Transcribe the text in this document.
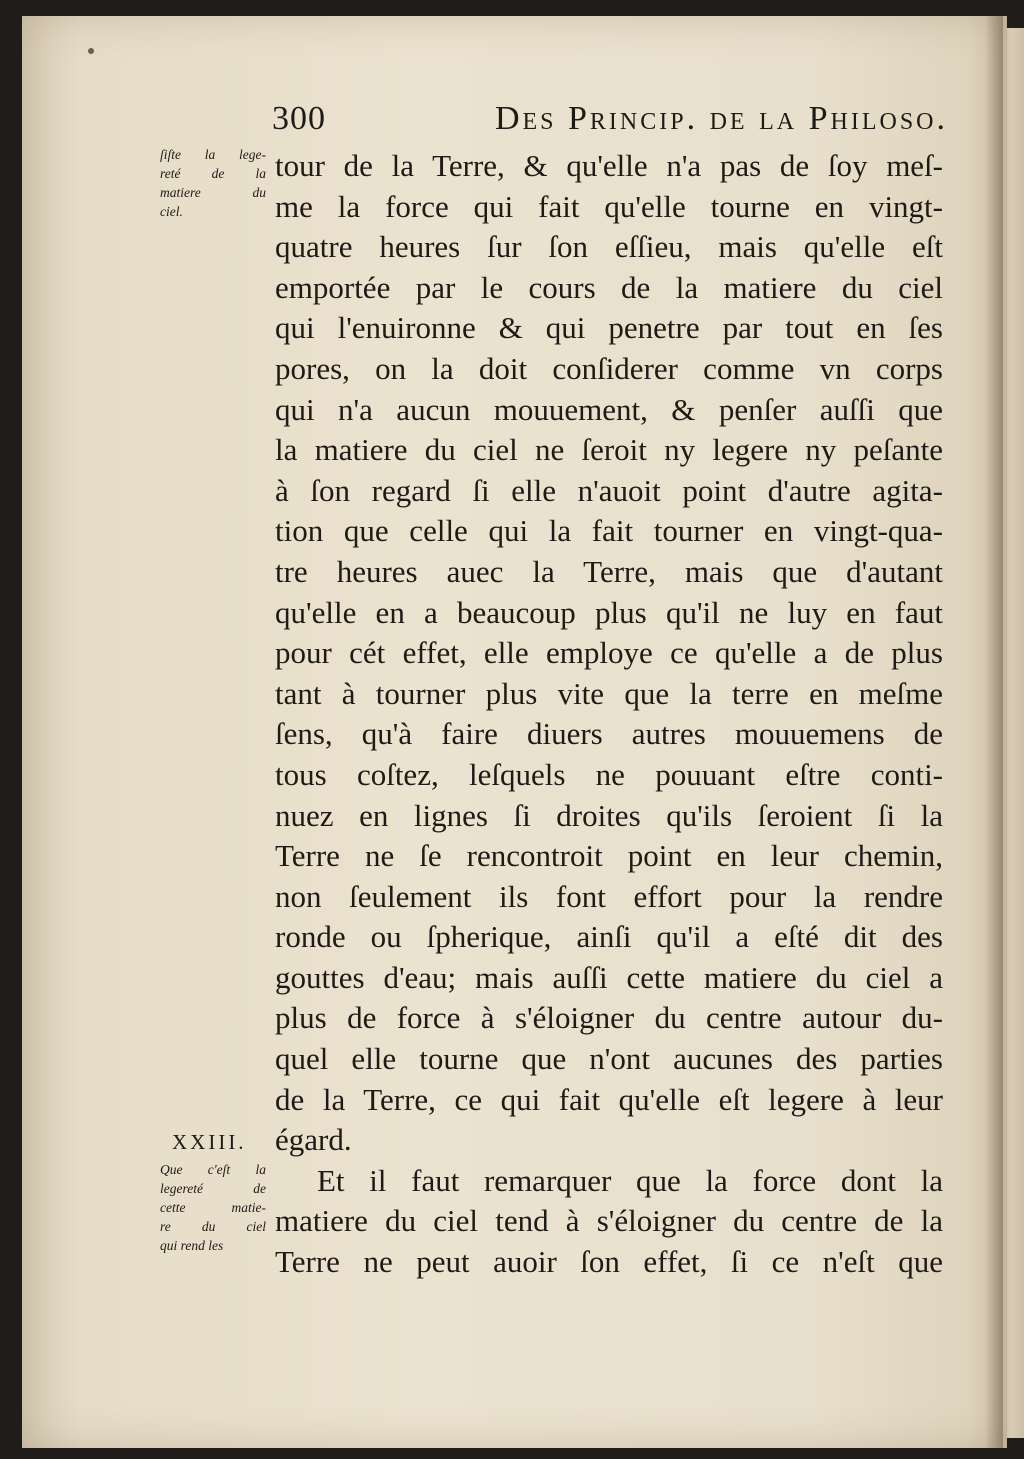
300	Des Princip. de la Philoso.
ſiſte la lege-
reté de la
matiere du
ciel.
XXIII.
Que c'eſt la
legereté de
cette matie-
re du ciel
qui rend les
tour de la Terre, & qu'elle n'a pas de ſoy meſ-
me la force qui fait qu'elle tourne en vingt-
quatre heures ſur ſon eſſieu, mais qu'elle eſt
emportée par le cours de la matiere du ciel
qui l'enuironne & qui penetre par tout en ſes
pores, on la doit conſiderer comme vn corps
qui n'a aucun mouuement, & penſer auſſi que
la matiere du ciel ne ſeroit ny legere ny peſante
à ſon regard ſi elle n'auoit point d'autre agita-
tion que celle qui la fait tourner en vingt-qua-
tre heures auec la Terre, mais que d'autant
qu'elle en a beaucoup plus qu'il ne luy en faut
pour cét effet, elle employe ce qu'elle a de plus
tant à tourner plus vite que la terre en meſme
ſens, qu'à faire diuers autres mouuemens de
tous coſtez, leſquels ne pouuant eſtre conti-
nuez en lignes ſi droites qu'ils ſeroient ſi la
Terre ne ſe rencontroit point en leur chemin,
non ſeulement ils font effort pour la rendre
ronde ou ſpherique, ainſi qu'il a eſté dit des
gouttes d'eau; mais auſſi cette matiere du ciel a
plus de force à s'éloigner du centre autour du-
quel elle tourne que n'ont aucunes des parties
de la Terre, ce qui fait qu'elle eſt legere à leur
égard.
Et il faut remarquer que la force dont la
matiere du ciel tend à s'éloigner du centre de la
Terre ne peut auoir ſon effet, ſi ce n'eſt que
